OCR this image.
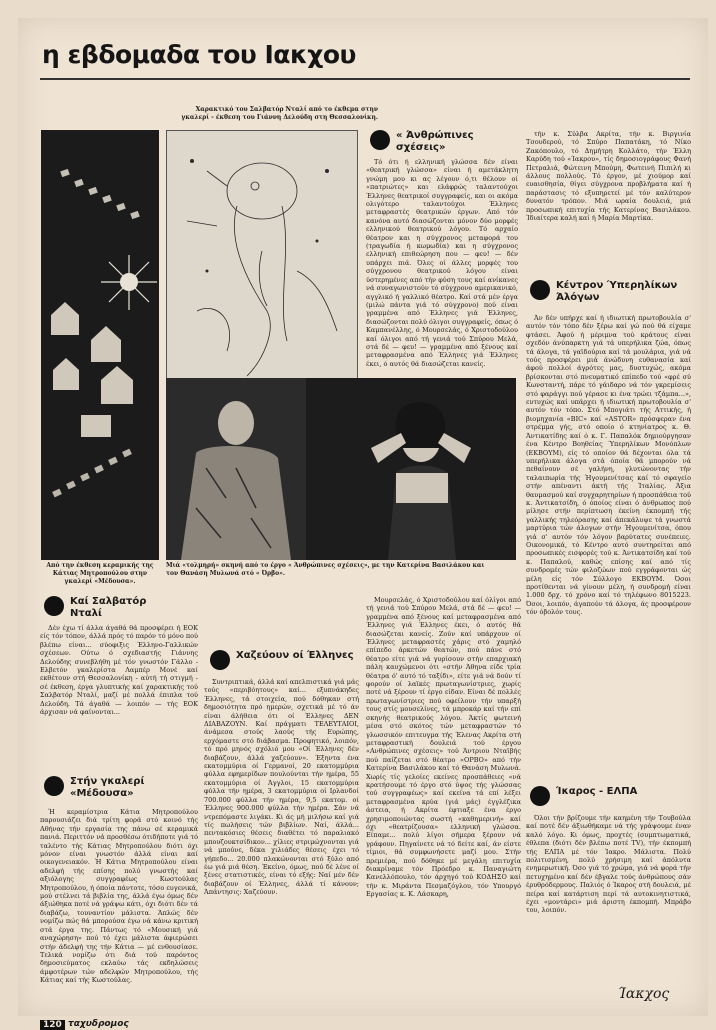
η εβδομαδα του Ιακχου
Χαρακτικό του Σαλβατόρ Νταλί από το έκθεμα στην γκαλερί - έκθεση του Γιάννη Δελούδη στη Θεσσαλονίκη.
Από την έκθεση κεραμικής της Κάτιας Μητροπούλου στην γκαλερί «Μέδουσα».
Μιά «τολμηρή» σκηνή από το έργο « Άνθρώπινες σχέσεις», με την Κατερίνα Βασιλάκου και τον Θανάση Μυλωνά στό « Όρβο».
« Άνθρώπινες σχέσεις»

Τό ότι ή ελληνική γλώσσα δέν είναι «θεατρική γλώσσα» είναι ή αμετάκλητη γνώμη μου κι ας λέγουν ό,τι θέλουν οί «πατριώτες» και ελάφρώς ταλαντούχοι Έλληνες θεατρικοί συγγραφείς, και οι ακόμα ολιγότερο ταλαντούχοι Έλληνες μεταφραστές θεατρικών έργων. Από τόν κανόνα αυτό διασώζονται μόνον δύο μορφές ελληνικού θεατρικού λόγου. Τό αρχαίο θέατρον και η σύγχρονος μεταφορά του (τραγωδία ή κωμωδία) και η σύγχρονος ελληνική επιθεώρηση που — φευ! — δέν υπάρχει πιά. Όλες οί άλλες μορφές του σύγχρονου θεατρικού λόγου είναι ύστερημένες από τήν φύση τους καί ανίκανες νά συναγωνιστούν τό σύγχρονο αμερικανικό, αγγλικό ή γαλλικό θέατρο. Καί στά μέν έργα (μιλώ πάντα γιά τό σύγχρονο) πού είναι γραμμένα από Έλληνες γιά Έλληνες, διασώζονται πολύ όλιγοι συγγραφείς, όπως ό Καμπανέλλης, ό Μουρσελάς, ό Χριστοδούλου καί όλιγοι από τή γενιά τού Σπύρου Μελά, στά δέ — φευ! — γραμμένα από ξένους καί μεταφρασμένα από Έλληνες γιά Έλληνες έκει, ό αυτός θά διασώζεται κανείς.

τήν κ. Σύλβα Ακρίτα, τήν κ. Βιργινία Τσουδερού, τό Σπύρο Παπατάκη, τό Νίκο Ζακόπουλο, τό Δημήτρη Κολλάτο, τήν Έλλη Καρύδη τού «Ίακρου», τίς δημοσιογράφους Φανή Πετραλιά, Φώτεινη Μπούμη, Φωτεινή Πιπιλή κι άλλους πολλούς. Τό έργον, μέ χιούμορ καί ευαισθησία, θίγει σύγχρονα προβλήματα καί ή παράστασις τό εξυπηρετεί μέ τόν καλύτερον δυνατόν τρόπον. Μιά ωραία δουλειά, μιά προσωπική επιτυχία τής Κατερίνας Βασιλάκου. Ίδιαίτερα καλή καί ή Μαρία Μαρτίκα.

Κέντρον Ύπερηλίκων Άλόγων

Άν δέν υπήρχε καί ή ιδιωτική πρωτοβουλία σ' αυτόν τόν τόπο δέν ξέρω καί γώ πού θά είχαμε φτάσει. Άφού ή μέριμνα τού κράτους είναι σχεδόν άνύπαρκτη γιά τά υπερήλικα ζώα, όπως τά άλογα, τά γαϊδούρια καί τά μουλάρια, γιά νά τούς προσφέρει μιά άνώδυνη ευθανασία καί άφού πολλοί άγρότες μας, δυστυχώς, ακόμα βρίσκονται στό πνευματικό επίπεδο τού «φρέ σύ Κωνσταντή, πάρε τό γάιδαρο νά τόν γκρεμίσεις στό φαράγγι πού γέρασε κι ένα τρώει τζάμπα...», ευτυχώς καί υπάρχει ή ιδιωτική πρωτοβουλία σ' αυτόν τόν τόπο. Στό Μπογιάτι τής Αττικής, ή βιομηχανία «BIC» καί «ASTOR» πρόσφεραν ένα στρέμμα γής, στό οποίο ό κτηνίατρος κ. Θ. Άντικατίδης καί ό κ. Γ. Παπαλόκ δημιούργησαν ένα Κέντρο Βοηθείας Ύπερηλίκων Μονόπλων (ΕΚΒΟΥΜ), είς τό οποίον θά δέχονται όλα τά υπερήλικα άλογα στά όποία θά μπορούν νά πεθαίνουν σέ γαλήνη, γλυτώνοντας τήν ταλαιπωρία τής Ήγουμενίτσας καί τό σφαγείο στήν απέναντι άκτή τής Ίταλίας. Άξια θαυμασμού καί συγχαρητηρίων ή προσπάθεια τού κ. Άντικατσίδη, ό όποίος είναι ό άνθρωπος πού μίλησε στήν περίπτωση έκείνη έκπομπή τής γαλλικής τηλεόρασης καί άπεκάλυψε τά γνωστά μαρτύρια τών άλογων στήν Ήγουμενίτσα, όπου γιά σ' αυτόν τόν λόγον βαρύτατες συνέπειες. Οικονομικά, τό Κέντρο αυτό συντηρείται από προσωπικές εισφορές τού κ. Άντικατσίδη καί τού κ. Παπαλού, καθώς επίσης καί από τίς συνδρομές τών φιλοζώων πού εγγράφονται ώς μέλη είς τόν Σύλλογο ΕΚΒΟΥΜ. Όσοι προτίθενται νά γίνουν μέλη, ή συνδρομή είναι 1.000 δρχ. τό χρόνο καί τό τηλέφωνο 8015223. Όσοι, λοιπόν, άγαπούν τά άλογα, άς προσφέρουν τόν όβολόν τους.

Καί Σαλβατόρ Νταλί

Δέν έχω τί άλλα άγαθά θά προσφέρει ή ΕΟΚ είς τόν τόπον, άλλά πρός τό παρόν τό μόνο πού βλέπω είναι... σύοφιξις Έλληνο-Γαλλικών σχέσεων. Ούτω ό σχεδιαστής Γιάννης Δελούδης συνεβλήθη μέ τόν γνωστόν Γάλλο - Ελβετόν γκαλερίστα Λαμπέρ Μονέ καί εκθέτουν στή Θεσσαλονίκη - αύτή τή στιγμή - σέ έκθεση, έργα γλυπτικής καί χαρακτικής τού Σαλβατόρ Νταλί, μαζί μέ πολλά έπιπλα τού Δελούδη. Τά άγαθά — λοιπόν — τής ΕΟΚ άρχισαν νά φαίνονται...

Στήν γκαλερί «Μέδουσα»

Ή κεραμίστρια Κάτια Μητροπούλου παρουσιάζει διά τρίτη φορά στό κοινό τής Αθήνας τήν εργασία της πάνω σέ κεραμικά πανιά. Περιττόν νά προσθέσω ότιδήποτε γιά τό ταλέντο τής Κάτιας Μητροπούλου διότι όχι μόνον είναι γνωστόν άλλά είναι καί οικογενειακόν. Ή Κάτια Μητροπούλου είναι αδελφή τής επίσης πολύ γνωστής καί αξιόλογης συγγραφέως Κωστούλας Μητροπούλου, ή όποία πάντοτε, τόσο ευγενικά, μού στέλνει τά βιβλία της, άλλά έγω όμως δέν άξιώθηκα ποτέ νά γράψω κάτι, όχι διότι δέν τά διαβάζω, τουναντίον μάλιστα. Άπλώς δέν νομίζω πώς θά μπορούσα έγω νά κάνω κριτική στά έργα της. Πάντως τό «Μουσική γιά αναχώρηση» πού τό έχει μάλιστα άφιερώσει στήν άδελφή της τήν Κάτια — μέ ενθουσίασε. Τελικά νομίζω ότι διά τού παρόντος δημοσιεύματος εκλαύω τάς εκδηλώσεις άμφοτέρων τών αδελφών Μητροπούλου, τής Κάτιας καί τής Κωστούλας.

Χαζεύουν οί Έλληνες

Συντριπτικά, άλλά καί απελπιστικά γιά μάς τούς «περιβόητους» καί... εξυπνάκηδες Έλληνες, τά στοιχεία, πού δόθηκαν στή δημοσιότητα πρό ημερών, σχετικά μέ τό άν είναι άλήθεια ότι οί Έλληνες ΔΕΝ ΔΙΑΒΑΖΟΥΝ. Καί πράγματι ΤΕΛΕΥΤΑΙΟΙ, άνάμεσα στούς λαούς τής Ευρώπης, ερχόμαστε στό διάβασμα. Προφητικό, λοιπόν, τό πρό μηνός σχόλιό μου «Οί Έλληνες δέν διαβάζουν, άλλά χαζεύουν». Έξηντα ένα εκατομμύρια οί Γερμανοί, 20 εκατομμύρια φύλλα εφημερίδων πουλούνται τήν ημέρα, 55 εκατομμύρια οί Άγγλοι, 15 εκατομμύρια φύλλα τήν ημέρα, 3 εκατομμύρια οί Ιρλανδοί 700.000 φύλλα τήν ημέρα, 9,5 εκατομ. οί Έλληνες 900.000 φύλλα τήν ημέρα. Σάν νά ντρεπόμαστε λιγάκι. Κι άς μή μιλήσω καί γιά τίς πωλήσεις τών βιβλίων. Ναί, άλλά... πεντακόσιες θέσεις διαθέτει τό παραλιακό μπουζουκτσίδικον... χίλιες στριμώχνονται γιά νά μπούνε, δέκα χιλιάδες θέσεις έχει τό γήπεδο... 20.000 πλακώνονται στό ξύλο από έω γιά μιά θέση. Έκείνο, όμως, πού δέ λένε οί ξένες στατιστικές, είναι τό εξής: Ναί μέν δέν διαβάζουν οί Έλληνες, άλλά τί κάνουν; Άπάντησις: Χαζεύουν.

Μουρσελάς, ό Χριστοδούλου καί όλίγοι από τή γενιά τού Σπύρου Μελά, στά δέ — φευ! — γραμμένα από ξένους καί μεταφρασμένα από Έλληνες γιά Έλληνες έκει, ό αυτός θά διασώζεται κανείς. Ζούν καί υπάρχουν οί Έλληνες μεταφραστές χάρις στό χαμηλό επίπεδο άρκετών θεατών, πού πάνε στό θέατρο είτε γιά νά γυρίσουν στήν επαρχιακή πάλη καυχώμενοι ότι «στήν Άθηνα είδε τρία θέατρα ό' αυτό τό ταξίδι», είτε γιά νά δούν τί φορούν οί λαϊκές πρωταγωνίστριες, χωρίς ποτέ νά ξέρουν τί έργο είδαν. Είναι δέ πολλές πρωταγωνίστριες πού οφείλουν τήν υπαρξή τους στίς μουσελίνες, τά μπροκάρ καί τήν επί σκηνής θεατρικούς λόγου. Άκτίς φωτεινή μέσα στό σκότος τών μεταφραστών τό γλωσσικόν επιτευγμα τής Έλενας Ακρίτα στή μεταφραστική δουλειά τού έργου «Ανθρώπινες σχέσεις» τού Άντριου Νταϊβής πού παίζεται στό θέατρο «ΟΡΒΟ» από τήν Κατερίνα Βασιλάκου καί τό Θανάση Μυλωνά. Χωρίς τίς γελοίες εκείνες προσπάθειες «νά κρατήσουμε τό έργο στό ύψος τής γλώσσας τού συγγραφέως» καί εκείνα τά επί λέξει μεταφρασμένα κρύα (γιά μάς) έγγλέζικα άστεια, ή Ακρίτα έφτιαξε ένα έργο χρησιμοποιώντας σωστή «καθημερινή» καί όχι «θεατρίζουσα» ελληνική γλώσσα. Είπαμε... πολύ λίγοι σήμερα ξέρουν νά γράφουν. Πηγαίνετε νά τό δείτε καί, άν είστε τίμιοι, θά συμφωνήσετε μαζί μου. Στήν πρεμιέρα, πού δόθηκε μέ μεγάλη επιτυχία διακρίναμε τόν Πρόεδρο κ. Παναγιώτη Κανελλόπουλο, τόν άρχηγό τού ΚΟΔΗΣΟ καί τήν κ. Μιράντα Πεσμαζόγλου, τόν Υπουργό Εργασίας κ. Κ. Λάσκαρη,

Ίκαρος - ΕΛΠΑ

Όλοι τήν βρίζουμε τήν καημένη τήν Τουβούλα καί ποτέ δέν άξιωθήκαμε νά τής γράψουμε έναν καλό λόγο. Κι όμως, προχτές (συμπτωματικά, έθλεπα (διότι δέν βλέπω ποτέ TV), τήν έκπομπή τής ΕΛΠΑ μέ τόν Ίακρο. Μάλιστα. Πολύ πολιτισμένη, πολύ χρήσιμη καί άπόλυτα ενημερωτική. Όσο γιά τό χρώμα, γιά νά φορά τήν πετυχημένο καί δέν έβγαλε τούς άνθρώπους σάν έρυθρόδερμους. Παλιός ό Ίκαρος στή δουλειά, μέ πείρα καί κατάρτιση περί τά αυτοκινητιστικά, έχει «μοντάρει» μιά άριστη έκπομπή. Μπράβο του, λοιπόν.

Ίακχος
120 ταχυδρομος
